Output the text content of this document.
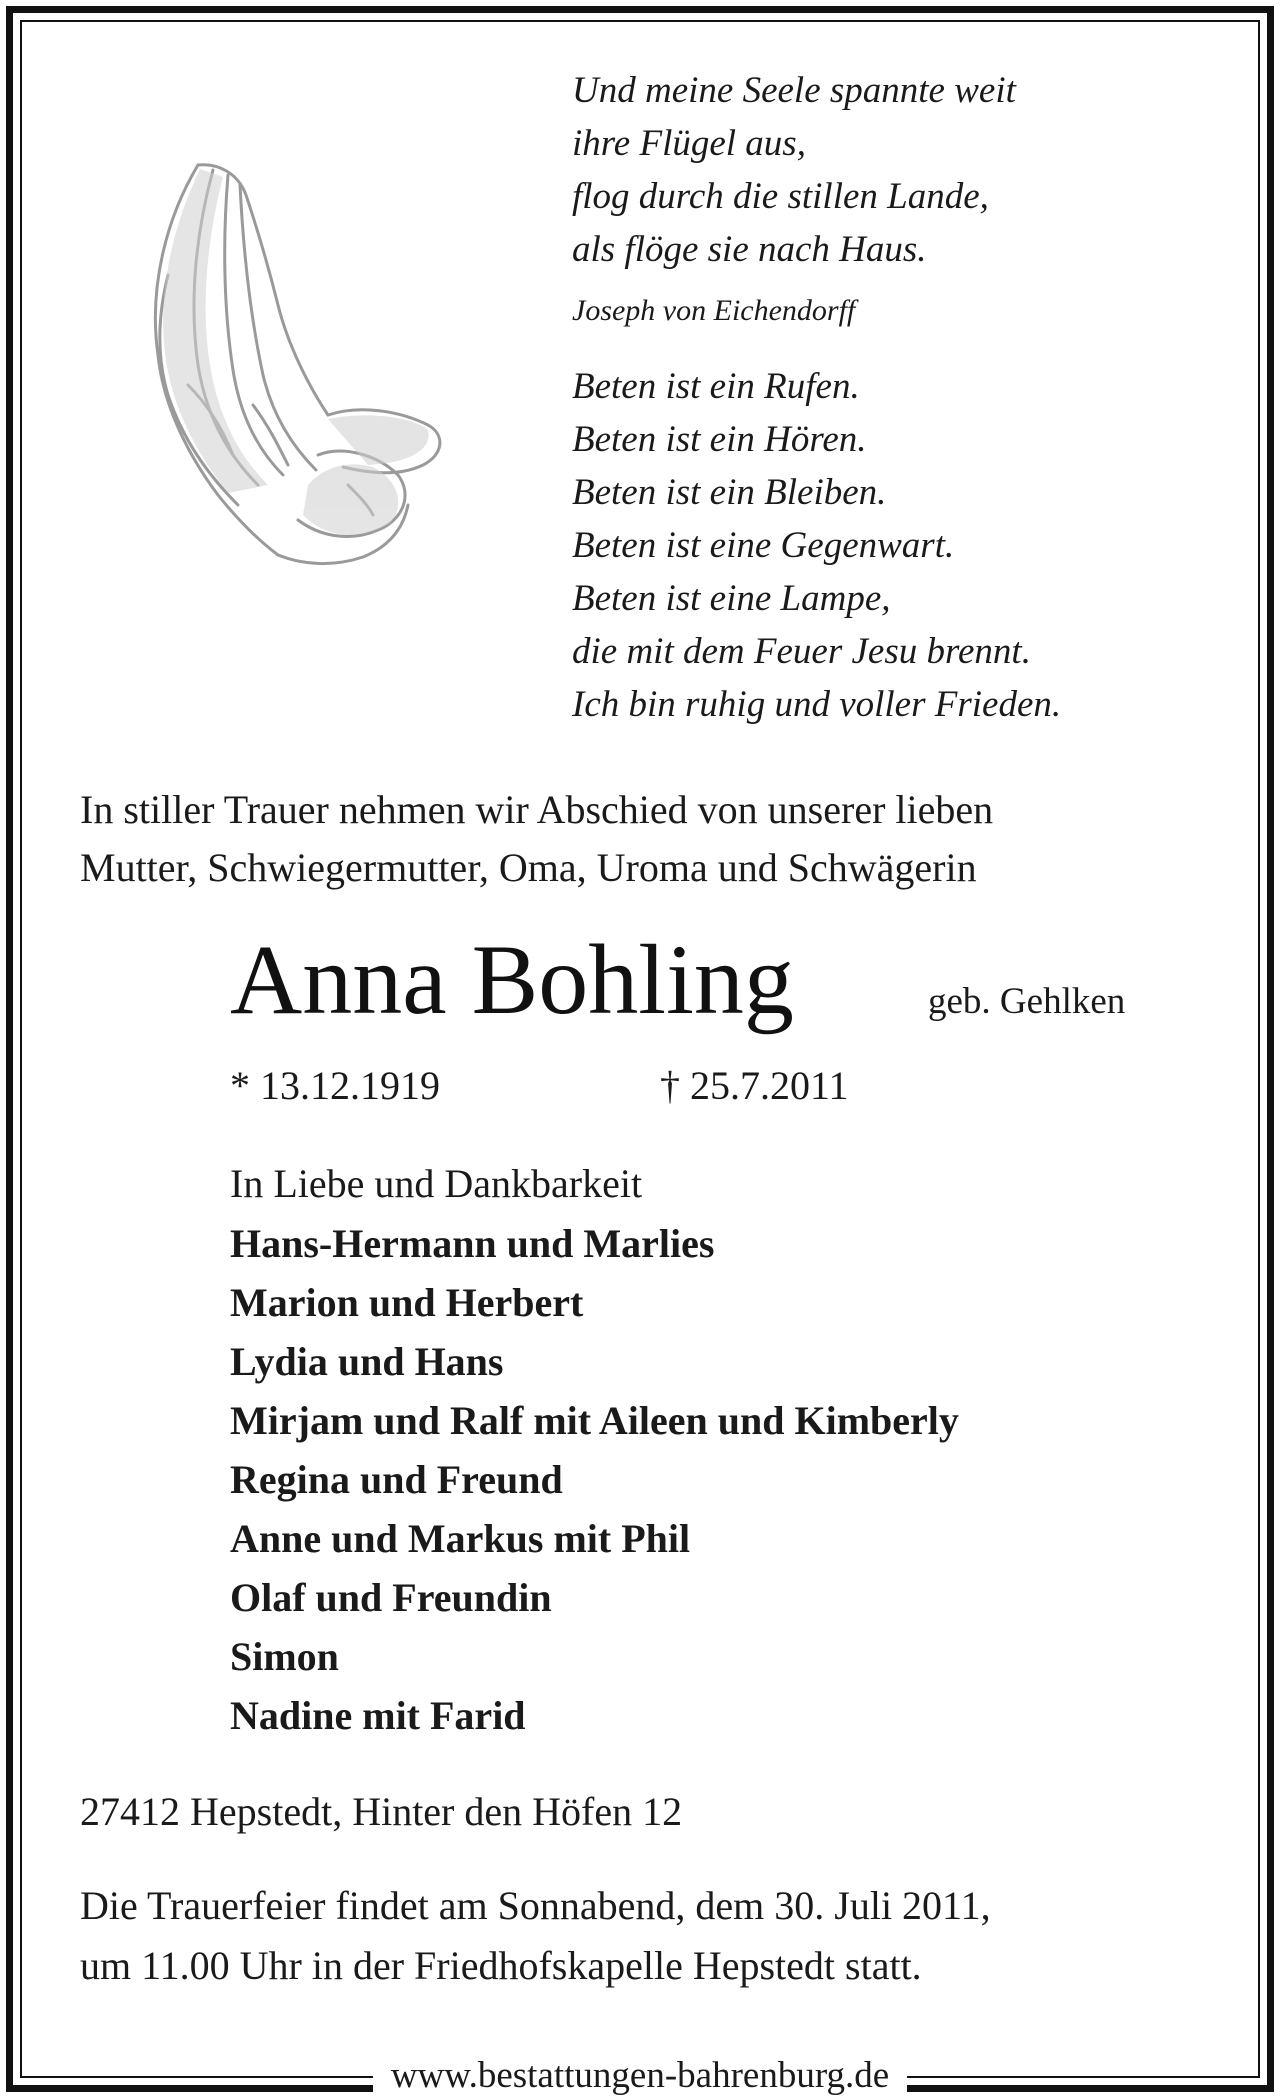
Und meine Seele spannte weit
ihre Flügel aus,
flog durch die stillen Lande,
als flöge sie nach Haus.
Joseph von Eichendorff
Beten ist ein Rufen.
Beten ist ein Hören.
Beten ist ein Bleiben.
Beten ist eine Gegenwart.
Beten ist eine Lampe,
die mit dem Feuer Jesu brennt.
Ich bin ruhig und voller Frieden.
In stiller Trauer nehmen wir Abschied von unserer lieben
Mutter, Schwiegermutter, Oma, Uroma und Schwägerin
Anna Bohling	geb. Gehlken
* 13.12.1919	† 25.7.2011
In Liebe und Dankbarkeit
Hans-Hermann und Marlies
Marion und Herbert
Lydia und Hans
Mirjam und Ralf mit Aileen und Kimberly
Regina und Freund
Anne und Markus mit Phil
Olaf und Freundin
Simon
Nadine mit Farid
27412 Hepstedt, Hinter den Höfen 12
Die Trauerfeier findet am Sonnabend, dem 30. Juli 2011,
um 11.00 Uhr in der Friedhofskapelle Hepstedt statt.
www.bestattungen-bahrenburg.de
